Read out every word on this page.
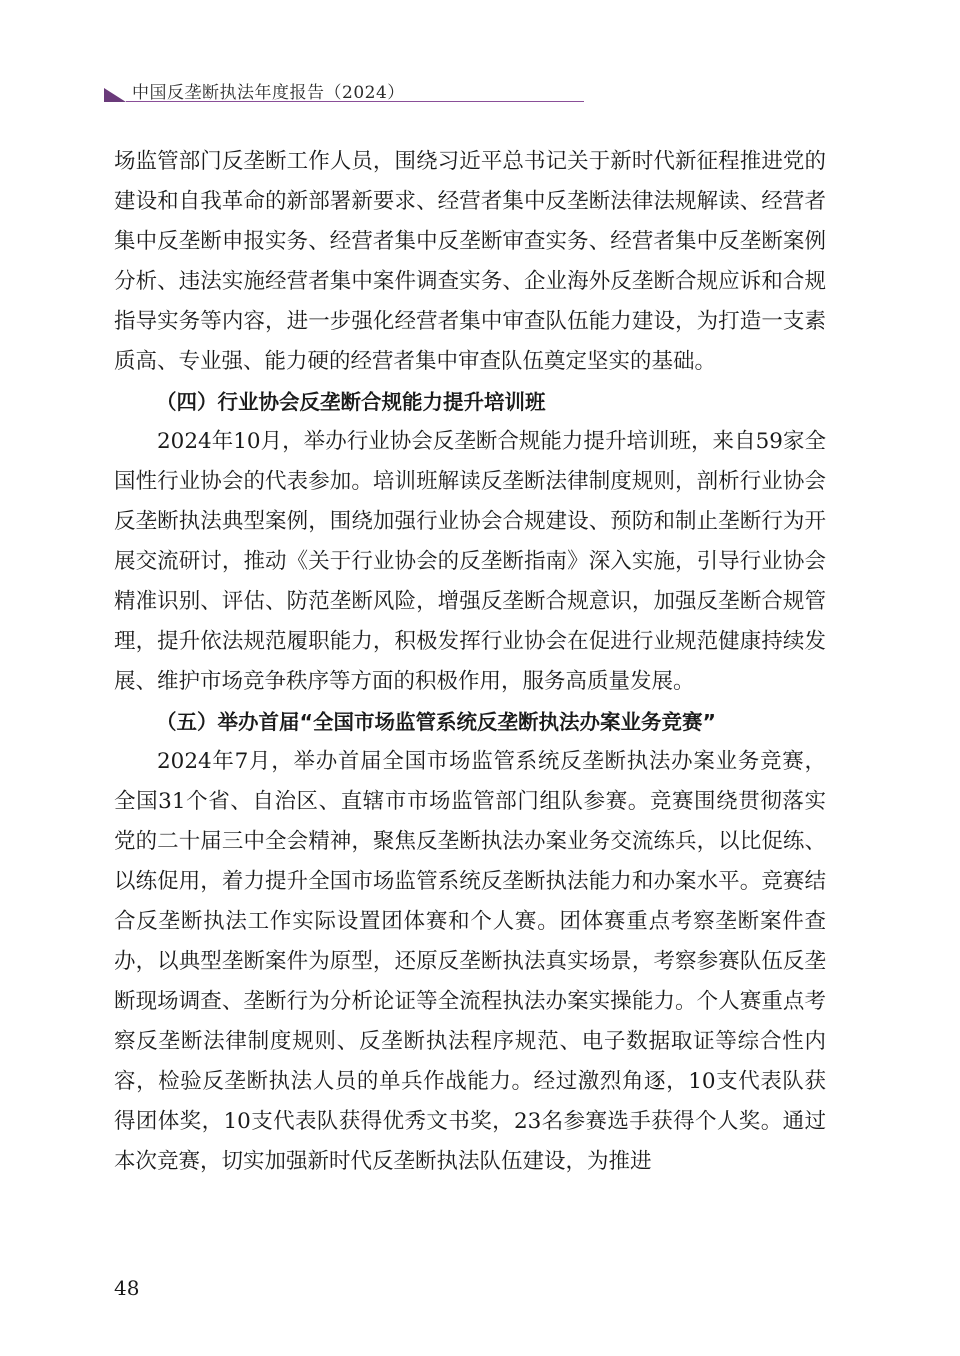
中国反垄断执法年度报告（2024）

场监管部门反垄断工作人员，围绕习近平总书记关于新时代新征程推进党的建设和自我革命的新部署新要求、经营者集中反垄断法律法规解读、经营者集中反垄断申报实务、经营者集中反垄断审查实务、经营者集中反垄断案例分析、违法实施经营者集中案件调查实务、企业海外反垄断合规应诉和合规指导实务等内容，进一步强化经营者集中审查队伍能力建设，为打造一支素质高、专业强、能力硬的经营者集中审查队伍奠定坚实的基础。

（四）行业协会反垄断合规能力提升培训班

2024年10月，举办行业协会反垄断合规能力提升培训班，来自59家全国性行业协会的代表参加。培训班解读反垄断法律制度规则，剖析行业协会反垄断执法典型案例，围绕加强行业协会合规建设、预防和制止垄断行为开展交流研讨，推动《关于行业协会的反垄断指南》深入实施，引导行业协会精准识别、评估、防范垄断风险，增强反垄断合规意识，加强反垄断合规管理，提升依法规范履职能力，积极发挥行业协会在促进行业规范健康持续发展、维护市场竞争秩序等方面的积极作用，服务高质量发展。

（五）举办首届“全国市场监管系统反垄断执法办案业务竞赛”

2024年7月，举办首届全国市场监管系统反垄断执法办案业务竞赛，全国31个省、自治区、直辖市市场监管部门组队参赛。竞赛围绕贯彻落实党的二十届三中全会精神，聚焦反垄断执法办案业务交流练兵，以比促练、以练促用，着力提升全国市场监管系统反垄断执法能力和办案水平。竞赛结合反垄断执法工作实际设置团体赛和个人赛。团体赛重点考察垄断案件查办，以典型垄断案件为原型，还原反垄断执法真实场景，考察参赛队伍反垄断现场调查、垄断行为分析论证等全流程执法办案实操能力。个人赛重点考察反垄断法律制度规则、反垄断执法程序规范、电子数据取证等综合性内容，检验反垄断执法人员的单兵作战能力。经过激烈角逐，10支代表队获得团体奖，10支代表队获得优秀文书奖，23名参赛选手获得个人奖。通过本次竞赛，切实加强新时代反垄断执法队伍建设，为推进

48
